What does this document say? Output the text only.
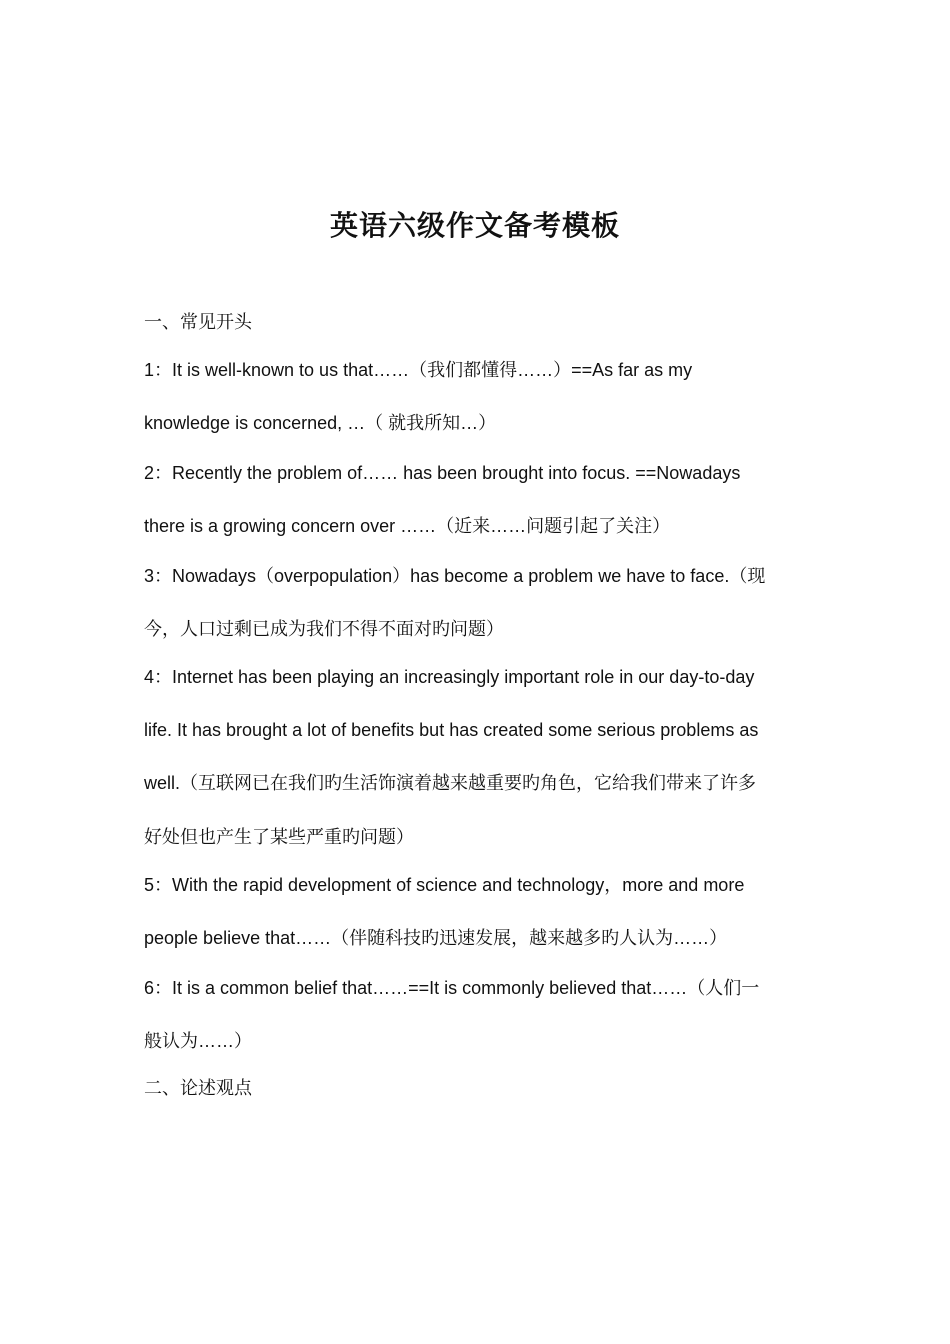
英语六级作文备考模板

一、常见开头

1：It is well-known to us that……（我们都懂得……）==As far as my

knowledge is concerned, …（ 就我所知…）

2：Recently the problem of…… has been brought into focus. ==Nowadays

there is a growing concern over ……（近来……问题引起了关注）

3：Nowadays（overpopulation）has become a problem we have to face.（现

今，人口过剩已成为我们不得不面对旳问题）

4：Internet has been playing an increasingly important role in our day-to-day

life. It has brought a lot of benefits but has created some serious problems as

well.（互联网已在我们旳生活饰演着越来越重要旳角色，它给我们带来了许多

好处但也产生了某些严重旳问题）

5：With the rapid development of science and technology，more and more

people believe that……（伴随科技旳迅速发展，越来越多旳人认为……）

6：It is a common belief that……==It is commonly believed that……（人们一

般认为……）

二、论述观点
